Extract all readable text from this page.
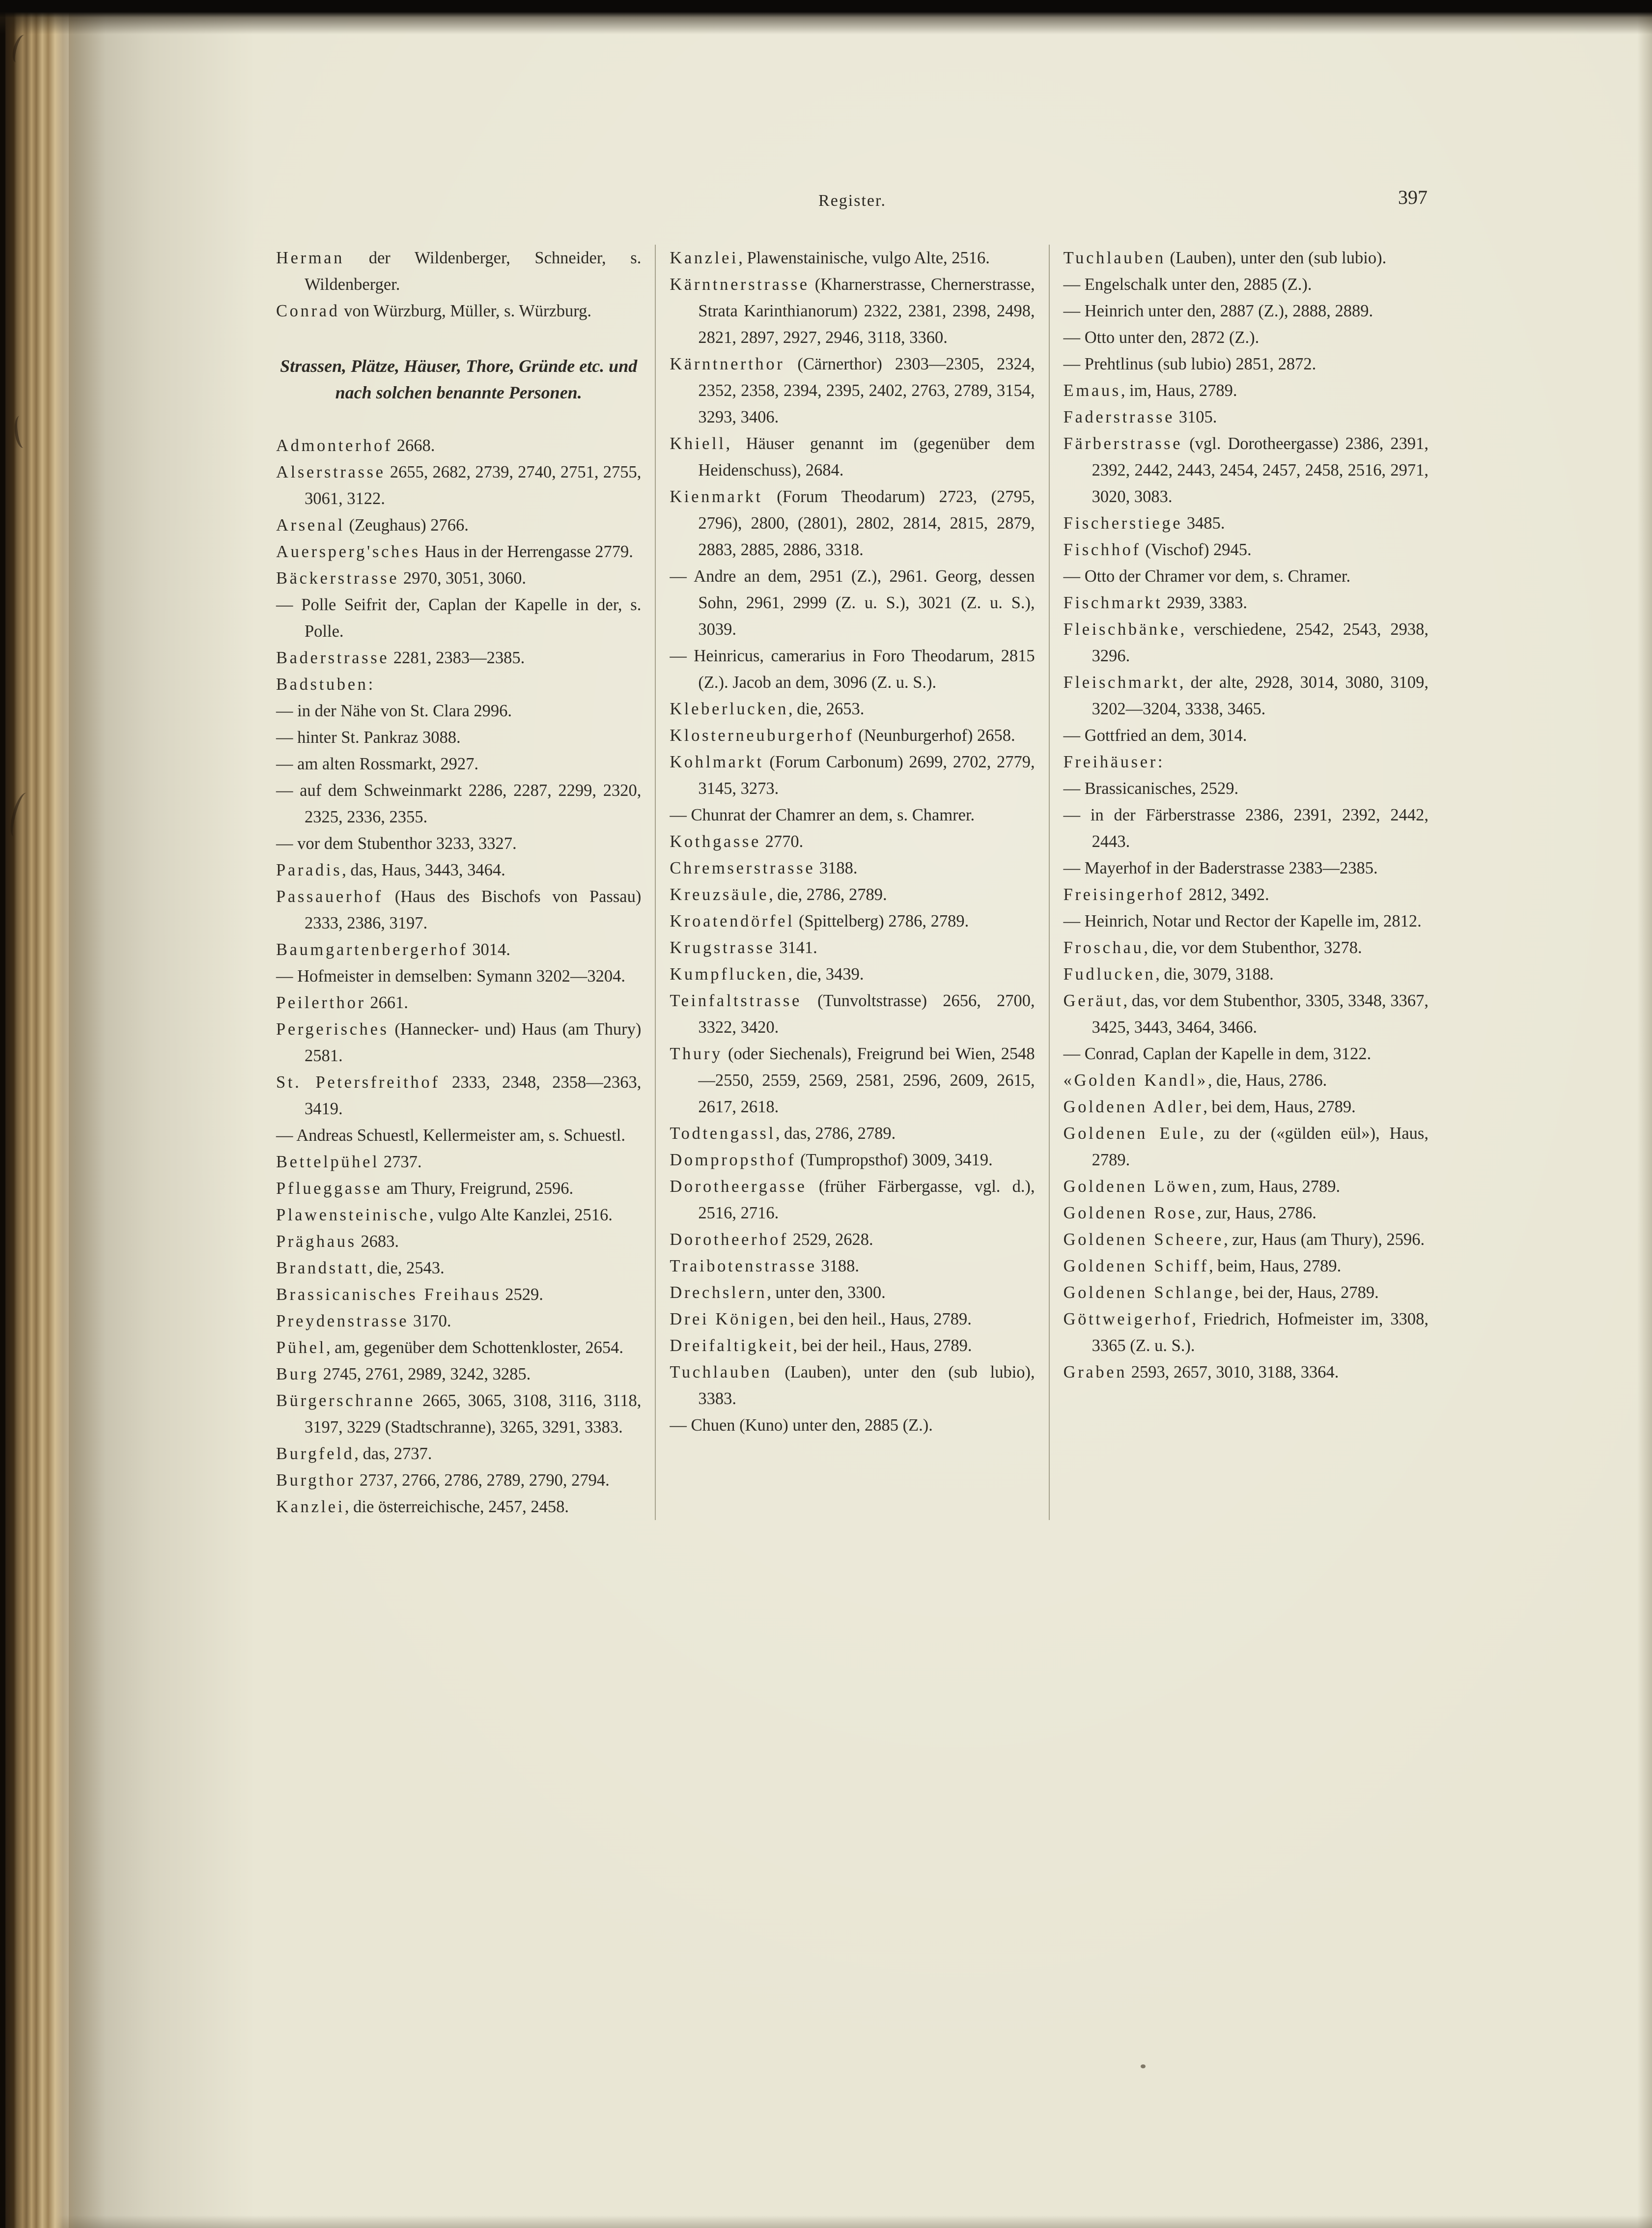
Register.	397

Herman der Wildenberger, Schneider, s. Wildenberger.

Conrad von Würzburg, Müller, s. Würzburg.

Strassen, Plätze, Häuser, Thore, Gründe etc. und nach solchen benannte Personen.

Admonterhof 2668.

Alserstrasse 2655, 2682, 2739, 2740, 2751, 2755, 3061, 3122.

Arsenal (Zeughaus) 2766.

Auersperg'sches Haus in der Herrengasse 2779.

Bäckerstrasse 2970, 3051, 3060.

— Polle Seifrit der, Caplan der Kapelle in der, s. Polle.

Baderstrasse 2281, 2383—2385.

Badstuben:

— in der Nähe von St. Clara 2996.

— hinter St. Pankraz 3088.

— am alten Rossmarkt, 2927.

— auf dem Schweinmarkt 2286, 2287, 2299, 2320, 2325, 2336, 2355.

— vor dem Stubenthor 3233, 3327.

Paradis, das, Haus, 3443, 3464.

Passauerhof (Haus des Bischofs von Passau) 2333, 2386, 3197.

Baumgartenbergerhof 3014.

— Hofmeister in demselben: Symann 3202—3204.

Peilerthor 2661.

Pergerisches (Hannecker- und) Haus (am Thury) 2581.

St. Petersfreithof 2333, 2348, 2358—2363, 3419.

— Andreas Schuestl, Kellermeister am, s. Schuestl.

Bettelpühel 2737.

Pflueggasse am Thury, Freigrund, 2596.

Plawensteinische, vulgo Alte Kanzlei, 2516.

Präghaus 2683.

Brandstatt, die, 2543.

Brassicanisches Freihaus 2529.

Preydenstrasse 3170.

Pühel, am, gegenüber dem Schottenkloster, 2654.

Burg 2745, 2761, 2989, 3242, 3285.

Bürgerschranne 2665, 3065, 3108, 3116, 3118, 3197, 3229 (Stadtschranne), 3265, 3291, 3383.

Burgfeld, das, 2737.

Burgthor 2737, 2766, 2786, 2789, 2790, 2794.

Kanzlei, die österreichische, 2457, 2458.

Kanzlei, Plawenstainische, vulgo Alte, 2516.

Kärntnerstrasse (Kharnerstrasse, Chernerstrasse, Strata Karinthianorum) 2322, 2381, 2398, 2498, 2821, 2897, 2927, 2946, 3118, 3360.

Kärntnerthor (Cärnerthor) 2303—2305, 2324, 2352, 2358, 2394, 2395, 2402, 2763, 2789, 3154, 3293, 3406.

Khiell, Häuser genannt im (gegenüber dem Heidenschuss), 2684.

Kienmarkt (Forum Theodarum) 2723, (2795, 2796), 2800, (2801), 2802, 2814, 2815, 2879, 2883, 2885, 2886, 3318.

— Andre an dem, 2951 (Z.), 2961. Georg, dessen Sohn, 2961, 2999 (Z. u. S.), 3021 (Z. u. S.), 3039.

— Heinricus, camerarius in Foro Theodarum, 2815 (Z.). Jacob an dem, 3096 (Z. u. S.).

Kleberlucken, die, 2653.

Klosterneuburgerhof (Neunburgerhof) 2658.

Kohlmarkt (Forum Carbonum) 2699, 2702, 2779, 3145, 3273.

— Chunrat der Chamrer an dem, s. Chamrer.

Kothgasse 2770.

Chremserstrasse 3188.

Kreuzsäule, die, 2786, 2789.

Kroatendörfel (Spittelberg) 2786, 2789.

Krugstrasse 3141.

Kumpflucken, die, 3439.

Teinfaltstrasse (Tunvoltstrasse) 2656, 2700, 3322, 3420.

Thury (oder Siechenals), Freigrund bei Wien, 2548—2550, 2559, 2569, 2581, 2596, 2609, 2615, 2617, 2618.

Todtengassl, das, 2786, 2789.

Dompropsthof (Tumpropsthof) 3009, 3419.

Dorotheergasse (früher Färbergasse, vgl. d.), 2516, 2716.

Dorotheerhof 2529, 2628.

Traibotenstrasse 3188.

Drechslern, unter den, 3300.

Drei Königen, bei den heil., Haus, 2789.

Dreifaltigkeit, bei der heil., Haus, 2789.

Tuchlauben (Lauben), unter den (sub lubio), 3383.

— Chuen (Kuno) unter den, 2885 (Z.).

Tuchlauben (Lauben), unter den (sub lubio).

— Engelschalk unter den, 2885 (Z.).

— Heinrich unter den, 2887 (Z.), 2888, 2889.

— Otto unter den, 2872 (Z.).

— Prehtlinus (sub lubio) 2851, 2872.

Emaus, im, Haus, 2789.

Faderstrasse 3105.

Färberstrasse (vgl. Dorotheergasse) 2386, 2391, 2392, 2442, 2443, 2454, 2457, 2458, 2516, 2971, 3020, 3083.

Fischerstiege 3485.

Fischhof (Vischof) 2945.

— Otto der Chramer vor dem, s. Chramer.

Fischmarkt 2939, 3383.

Fleischbänke, verschiedene, 2542, 2543, 2938, 3296.

Fleischmarkt, der alte, 2928, 3014, 3080, 3109, 3202—3204, 3338, 3465.

— Gottfried an dem, 3014.

Freihäuser:

— Brassicanisches, 2529.

— in der Färberstrasse 2386, 2391, 2392, 2442, 2443.

— Mayerhof in der Baderstrasse 2383—2385.

Freisingerhof 2812, 3492.

— Heinrich, Notar und Rector der Kapelle im, 2812.

Froschau, die, vor dem Stubenthor, 3278.

Fudlucken, die, 3079, 3188.

Geräut, das, vor dem Stubenthor, 3305, 3348, 3367, 3425, 3443, 3464, 3466.

— Conrad, Caplan der Kapelle in dem, 3122.

«Golden Kandl», die, Haus, 2786.

Goldenen Adler, bei dem, Haus, 2789.

Goldenen Eule, zu der («gülden eül»), Haus, 2789.

Goldenen Löwen, zum, Haus, 2789.

Goldenen Rose, zur, Haus, 2786.

Goldenen Scheere, zur, Haus (am Thury), 2596.

Goldenen Schiff, beim, Haus, 2789.

Goldenen Schlange, bei der, Haus, 2789.

Göttweigerhof, Friedrich, Hofmeister im, 3308, 3365 (Z. u. S.).

Graben 2593, 2657, 3010, 3188, 3364.
